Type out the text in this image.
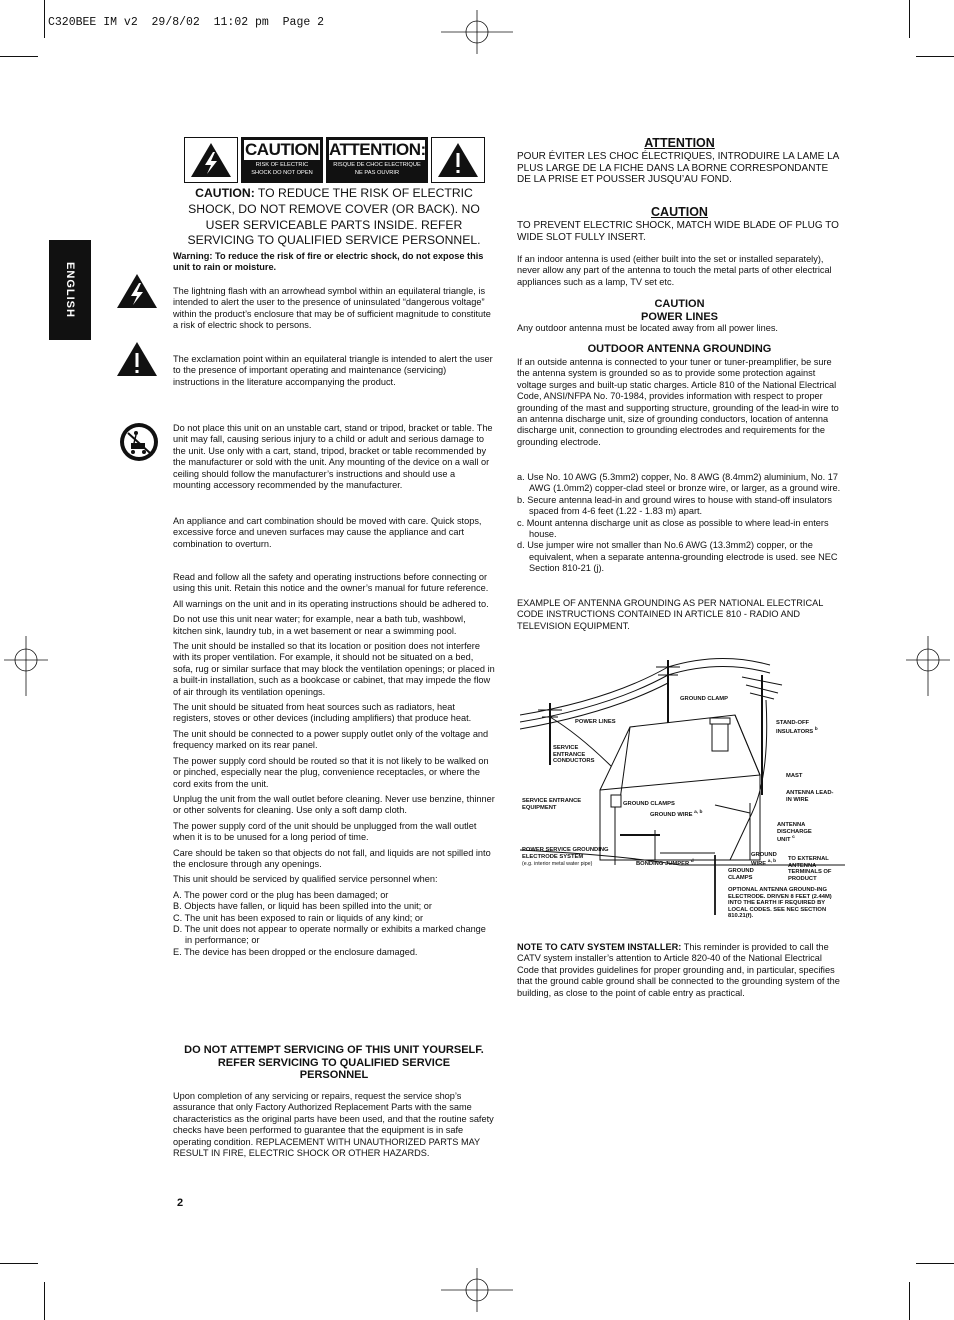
C320BEE IM v2  29/8/02  11:02 pm  Page 2
ENGLISH
CAUTION
RISK OF ELECTRIC SHOCK DO NOT OPEN
ATTENTION:
RISQUE DE CHOC ELECTRIQUE NE PAS OUVRIR
CAUTION: TO REDUCE THE RISK OF ELECTRIC SHOCK, DO NOT REMOVE COVER (OR BACK). NO USER SERVICEABLE PARTS INSIDE. REFER SERVICING TO QUALIFIED SERVICE PERSONNEL.
Warning: To reduce the risk of fire or electric shock, do not expose this unit to rain or moisture.
The lightning flash with an arrowhead symbol within an equilateral triangle, is intended to alert the user to the presence of uninsulated “dangerous voltage” within the product’s enclosure that may be of sufficient magnitude to constitute a risk of electric shock to persons.
The exclamation point within an equilateral triangle is intended to alert the user to the presence of important operating and maintenance (servicing) instructions in the literature accompanying the product.
Do not place this unit on an unstable cart, stand or tripod, bracket or table. The unit may fall, causing serious injury to a child or adult and serious damage to the unit. Use only with a cart, stand, tripod, bracket or table recommended by the manufacturer or sold with the unit. Any mounting of the device on a wall or ceiling should follow the manufacturer’s instructions and should use a mounting accessory recommended by the manufacturer.
An appliance and cart combination should be moved with care. Quick stops, excessive force and uneven surfaces may cause the appliance and cart combination to overturn.

Read and follow all the safety and operating instructions before connecting or using this unit. Retain this notice and the owner’s manual for future reference.

All warnings on the unit and in its operating instructions should be adhered to.

Do not use this unit near water; for example, near a bath tub, washbowl, kitchen sink, laundry tub, in a wet basement or near a swimming pool.

The unit should be installed so that its location or position does not interfere with its proper ventilation. For example, it should not be situated on a bed, sofa, rug or similar surface that may block the ventilation openings; or placed in a built-in installation, such as a bookcase or cabinet, that may impede the flow of air through its ventilation openings.

The unit should be situated from heat sources such as radiators, heat registers, stoves or other devices (including amplifiers) that produce heat.

The unit should be connected to a power supply outlet only of the voltage and frequency marked on its rear panel.

The power supply cord should be routed so that it is not likely to be walked on or pinched, especially near the plug, convenience receptacles, or where the cord exits from the unit.

Unplug the unit from the wall outlet before cleaning. Never use benzine, thinner or other solvents for cleaning. Use only a soft damp cloth.

The power supply cord of the unit should be unplugged from the wall outlet when it is to be unused for a long period of time.

Care should be taken so that objects do not fall, and liquids are not spilled into the enclosure through any openings.

This unit should be serviced by qualified service personnel when:

A. The power cord or the plug has been damaged; or

B. Objects have fallen, or liquid has been spilled into the unit; or

C. The unit has been exposed to rain or liquids of any kind; or

D. The unit does not appear to operate normally or exhibits a marked change in performance; or

E. The device has been dropped or the enclosure damaged.

DO NOT ATTEMPT SERVICING OF THIS UNIT YOURSELF. REFER SERVICING TO QUALIFIED SERVICE PERSONNEL
Upon completion of any servicing or repairs, request the service shop’s assurance that only Factory Authorized Replacement Parts with the same characteristics as the original parts have been used, and that the routine safety checks have been performed to guarantee that the equipment is in safe operating condition. REPLACEMENT WITH UNAUTHORIZED PARTS MAY RESULT IN FIRE, ELECTRIC SHOCK OR OTHER HAZARDS.
2
ATTENTION
POUR ÉVITER LES CHOC ÉLECTRIQUES, INTRODUIRE LA LAME LA PLUS LARGE DE LA FICHE DANS LA BORNE CORRESPONDANTE DE LA PRISE ET POUSSER JUSQU’AU FOND.
CAUTION
TO PREVENT ELECTRIC SHOCK, MATCH WIDE BLADE OF PLUG TO WIDE SLOT FULLY INSERT.
If an indoor antenna is used (either built into the set or installed separately), never allow any part of the antenna to touch the metal parts of other electrical appliances such as a lamp, TV set etc.
CAUTION
POWER LINES
Any outdoor antenna must be located away from all power lines.
OUTDOOR ANTENNA GROUNDING
If an outside antenna is connected to your tuner or tuner-preamplifier, be sure the antenna system is grounded so as to provide some protection against voltage surges and built-up static charges. Article 810 of the National Electrical Code, ANSI/NFPA No. 70-1984, provides information with respect to proper grounding of the mast and supporting structure, grounding of the lead-in wire to an antenna discharge unit, size of grounding conductors, location of antenna discharge unit, connection to grounding electrodes and requirements for the grounding electrode.

a. Use No. 10 AWG (5.3mm2) copper, No. 8 AWG (8.4mm2) aluminium, No. 17 AWG (1.0mm2) copper-clad steel or bronze wire, or larger, as a ground wire.

b. Secure antenna lead-in and ground wires to house with stand-off insulators spaced from 4-6 feet (1.22 - 1.83 m) apart.

c. Mount antenna discharge unit as close as possible to where lead-in enters house.

d. Use jumper wire not smaller than No.6 AWG (13.3mm2) copper, or the equivalent, when a separate antenna-grounding electrode is used. see NEC Section 810-21 (j).

EXAMPLE OF ANTENNA GROUNDING AS PER NATIONAL ELECTRICAL CODE INSTRUCTIONS CONTAINED IN ARTICLE 810 - RADIO AND TELEVISION EQUIPMENT.
GROUND CLAMP
POWER LINES	STAND-OFF INSULATORS $^b$
SERVICE ENTRANCE CONDUCTORS
MAST
SERVICE ENTRANCE EQUIPMENT
GROUND CLAMPS
GROUND WIRE $^{a, b}$
ANTENNA LEAD-IN WIRE
ANTENNA DISCHARGE UNIT $^c$
POWER SERVICE GROUNDING ELECTRODE SYSTEM
(e.g. interior metal water pipe)	BONDING JUMPER $^d$
GROUND WIRE $^{a, b}$	TO EXTERNAL ANTENNA TERMINALS OF PRODUCT
GROUND CLAMPS
OPTIONAL ANTENNA GROUND-ING ELECTRODE. DRIVEN 8 FEET (2.44M) INTO THE EARTH IF REQUIRED BY LOCAL CODES. SEE NEC SECTION 810.21(f).
NOTE TO CATV SYSTEM INSTALLER: This reminder is provided to call the CATV system installer’s attention to Article 820-40 of the National Electrical Code that provides guidelines for proper grounding and, in particular, specifies that the ground cable ground shall be connected to the grounding system of the building, as close to the point of cable entry as practical.
